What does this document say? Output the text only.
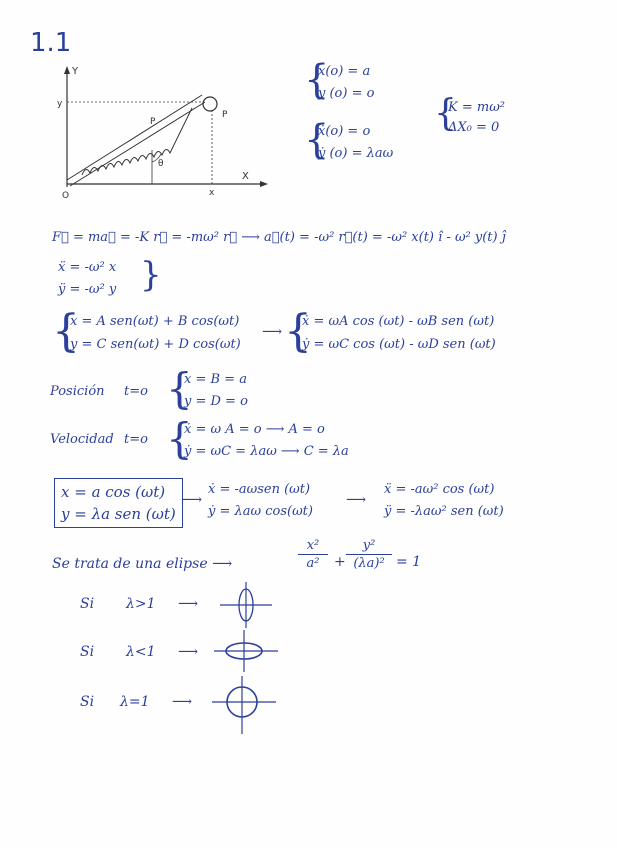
1.1
Y
X
y
x
O
P
P
θ
{
x(o) = a
y (o) = o
{
ẋ(o) = o
ẏ (o) = λaω
{
K = mω²
ΔX₀ = 0
F⃗ = ma⃗ = -K r⃗ = -mω² r⃗ ⟶ a⃗(t) = -ω² r⃗(t) = -ω² x(t) î - ω² y(t) ĵ
ẍ = -ω² x
ÿ = -ω² y }
{
x = A sen(ωt) + B cos(ωt)
y = C sen(ωt) + D cos(ωt)
⟶ {
ẋ = ωA cos (ωt) - ωB sen (ωt)
ẏ = ωC cos (ωt) - ωD sen (ωt)
Posición t=o {
x = B = a
y = D = o
Velocidad t=o {
ẋ = ω A = o ⟶ A = o
ẏ = ωC = λaω ⟶ C = λa
x = a cos (ωt)
y = λa sen (ωt)
⟶
ẋ = -aωsen (ωt)
ẏ = λaω cos(ωt)
⟶
ẍ = -aω² cos (ωt)
ÿ = -λaω² sen (ωt)
Se trata de una elipse ⟶
x²
a²	+
y²
(λa)² = 1
Si λ>1 ⟶
Si λ<1 ⟶
Si λ=1 ⟶
